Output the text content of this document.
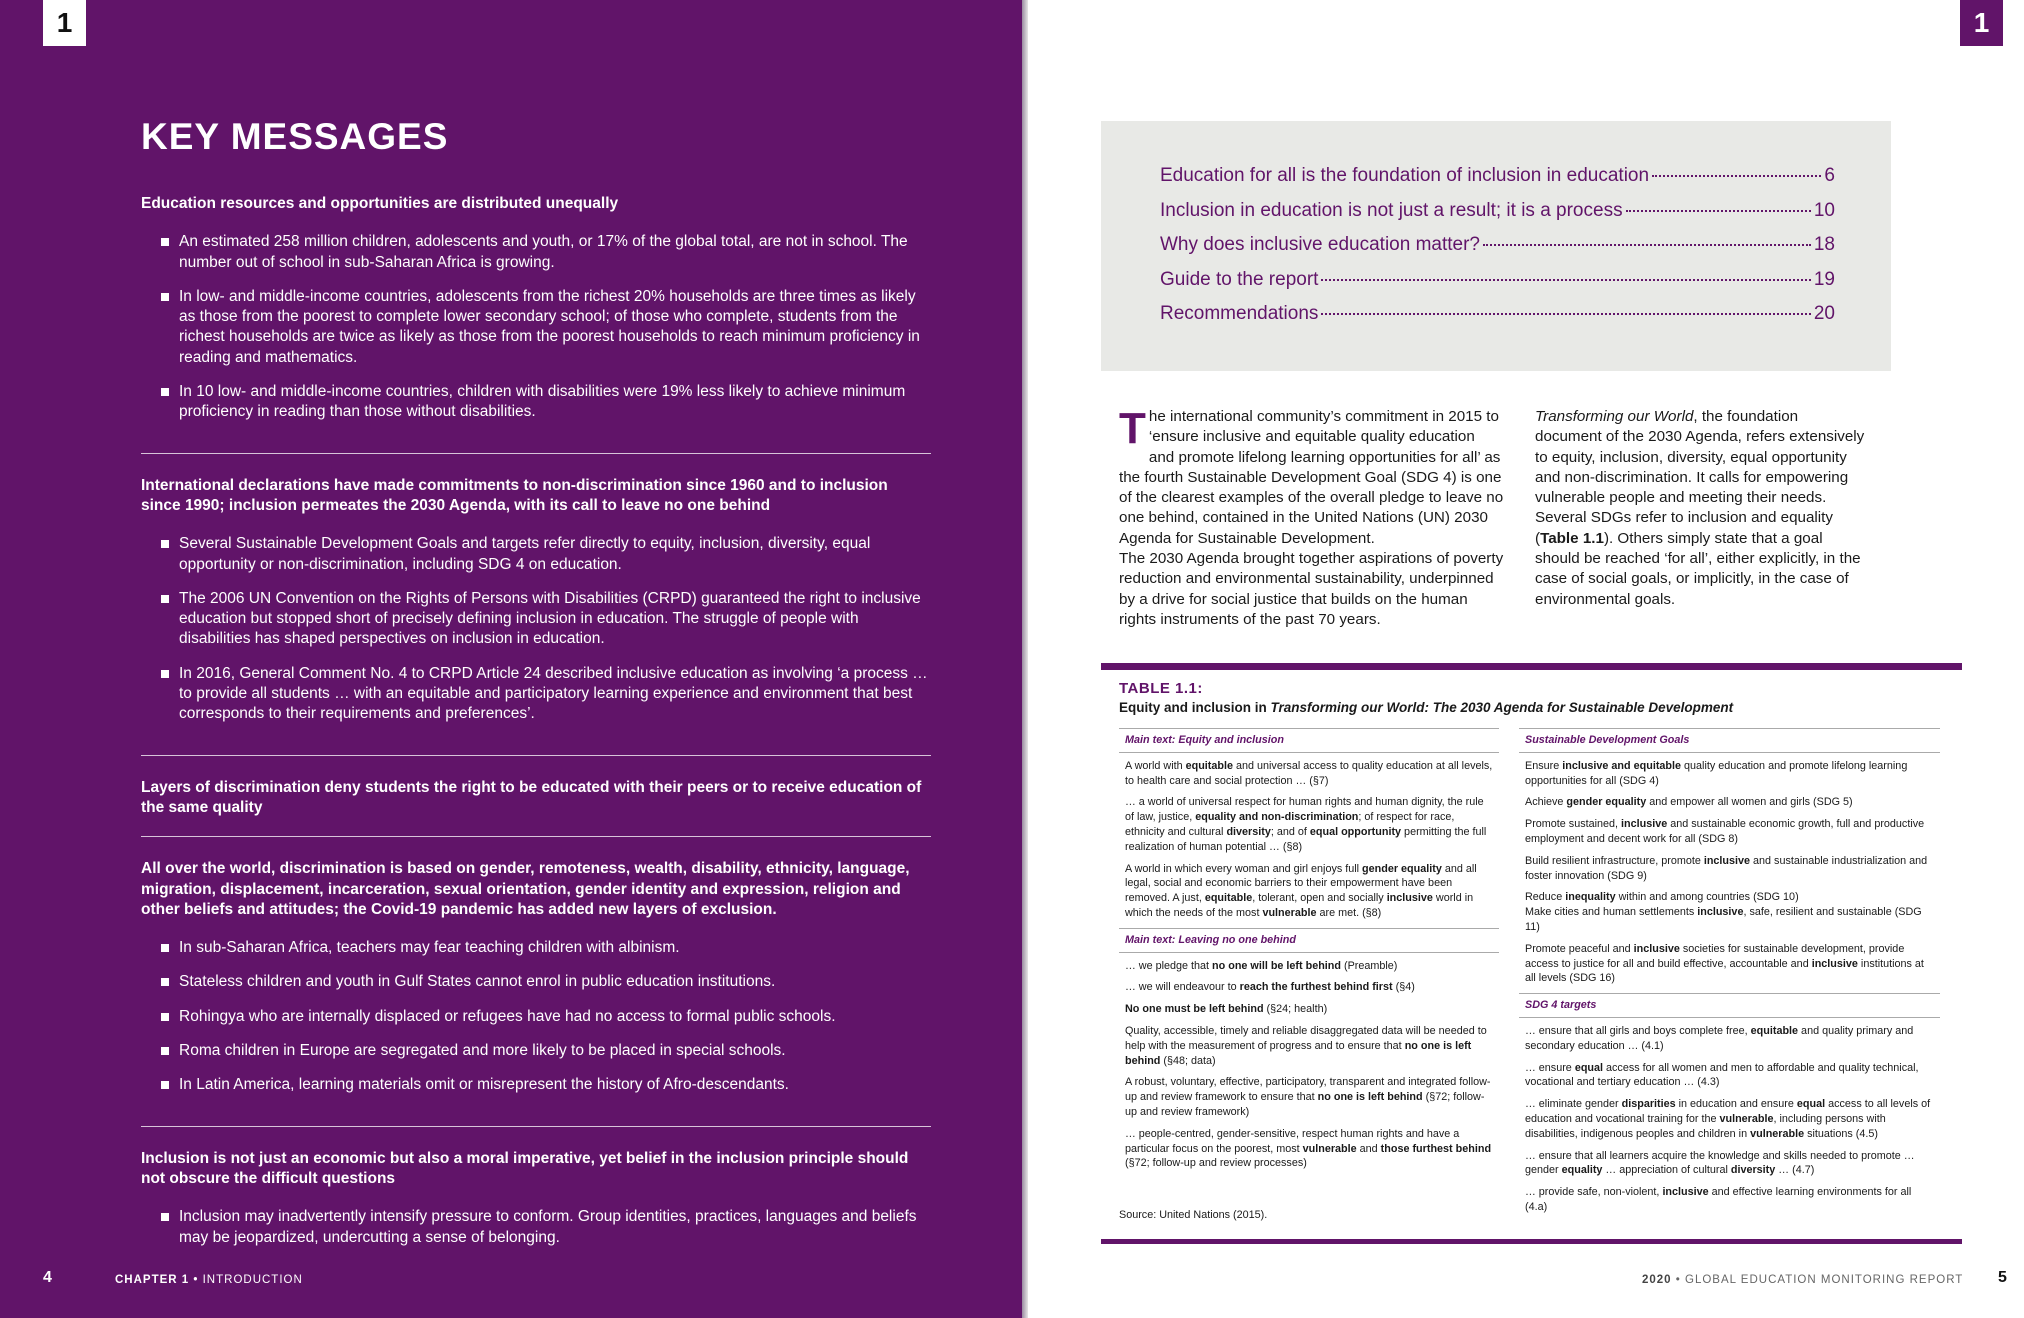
1
KEY MESSAGES
Education resources and opportunities are distributed unequally
An estimated 258 million children, adolescents and youth, or 17% of the global total, are not in school. The number out of school in sub-Saharan Africa is growing.
In low- and middle-income countries, adolescents from the richest 20% households are three times as likely as those from the poorest to complete lower secondary school; of those who complete, students from the richest households are twice as likely as those from the poorest households to reach minimum proficiency in reading and mathematics.
In 10 low- and middle-income countries, children with disabilities were 19% less likely to achieve minimum proficiency in reading than those without disabilities.
International declarations have made commitments to non-discrimination since 1960 and to inclusion since 1990; inclusion permeates the 2030 Agenda, with its call to leave no one behind
Several Sustainable Development Goals and targets refer directly to equity, inclusion, diversity, equal opportunity or non-discrimination, including SDG 4 on education.
The 2006 UN Convention on the Rights of Persons with Disabilities (CRPD) guaranteed the right to inclusive education but stopped short of precisely defining inclusion in education. The struggle of people with disabilities has shaped perspectives on inclusion in education.
In 2016, General Comment No. 4 to CRPD Article 24 described inclusive education as involving ‘a process … to provide all students … with an equitable and participatory learning experience and environment that best corresponds to their requirements and preferences’.
Layers of discrimination deny students the right to be educated with their peers or to receive education of the same quality
All over the world, discrimination is based on gender, remoteness, wealth, disability, ethnicity, language, migration, displacement, incarceration, sexual orientation, gender identity and expression, religion and other beliefs and attitudes; the Covid-19 pandemic has added new layers of exclusion.
In sub-Saharan Africa, teachers may fear teaching children with albinism.
Stateless children and youth in Gulf States cannot enrol in public education institutions.
Rohingya who are internally displaced or refugees have had no access to formal public schools.
Roma children in Europe are segregated and more likely to be placed in special schools.
In Latin America, learning materials omit or misrepresent the history of Afro-descendants.
Inclusion is not just an economic but also a moral imperative, yet belief in the inclusion principle should not obscure the difficult questions
Inclusion may inadvertently intensify pressure to conform. Group identities, practices, languages and beliefs may be jeopardized, undercutting a sense of belonging.
4	CHAPTER 1 • INTRODUCTION
1
Education for all is the foundation of inclusion in education	6
Inclusion in education is not just a result; it is a process	10
Why does inclusive education matter?	18
Guide to the report	19
Recommendations	20
The international community’s commitment in 2015 to ‘ensure inclusive and equitable quality education and promote lifelong learning opportunities for all’ as the fourth Sustainable Development Goal (SDG 4) is one of the clearest examples of the overall pledge to leave no one behind, contained in the United Nations (UN) 2030 Agenda for Sustainable Development.
The 2030 Agenda brought together aspirations of poverty reduction and environmental sustainability, underpinned by a drive for social justice that builds on the human rights instruments of the past 70 years.
Transforming our World, the foundation document of the 2030 Agenda, refers extensively to equity, inclusion, diversity, equal opportunity and non-discrimination. It calls for empowering vulnerable people and meeting their needs. Several SDGs refer to inclusion and equality (Table 1.1). Others simply state that a goal should be reached ‘for all’, either explicitly, in the case of social goals, or implicitly, in the case of environmental goals.
TABLE 1.1:
Equity and inclusion in Transforming our World: The 2030 Agenda for Sustainable Development
Main text: Equity and inclusion
A world with equitable and universal access to quality education at all levels, to health care and social protection … (§7)
… a world of universal respect for human rights and human dignity, the rule of law, justice, equality and non-discrimination; of respect for race, ethnicity and cultural diversity; and of equal opportunity permitting the full realization of human potential … (§8)
A world in which every woman and girl enjoys full gender equality and all legal, social and economic barriers to their empowerment have been removed. A just, equitable, tolerant, open and socially inclusive world in which the needs of the most vulnerable are met. (§8)
Main text: Leaving no one behind
… we pledge that no one will be left behind (Preamble)
… we will endeavour to reach the furthest behind first (§4)
No one must be left behind (§24; health)
Quality, accessible, timely and reliable disaggregated data will be needed to help with the measurement of progress and to ensure that no one is left behind (§48; data)
A robust, voluntary, effective, participatory, transparent and integrated follow-up and review framework to ensure that no one is left behind (§72; follow-up and review framework)
… people-centred, gender-sensitive, respect human rights and have a particular focus on the poorest, most vulnerable and those furthest behind (§72; follow-up and review processes)
Sustainable Development Goals
Ensure inclusive and equitable quality education and promote lifelong learning opportunities for all (SDG 4)
Achieve gender equality and empower all women and girls (SDG 5)
Promote sustained, inclusive and sustainable economic growth, full and productive employment and decent work for all (SDG 8)
Build resilient infrastructure, promote inclusive and sustainable industrialization and foster innovation (SDG 9)
Reduce inequality within and among countries (SDG 10)
Make cities and human settlements inclusive, safe, resilient and sustainable (SDG 11)
Promote peaceful and inclusive societies for sustainable development, provide access to justice for all and build effective, accountable and inclusive institutions at all levels (SDG 16)
SDG 4 targets
… ensure that all girls and boys complete free, equitable and quality primary and secondary education … (4.1)
… ensure equal access for all women and men to affordable and quality technical, vocational and tertiary education … (4.3)
… eliminate gender disparities in education and ensure equal access to all levels of education and vocational training for the vulnerable, including persons with disabilities, indigenous peoples and children in vulnerable situations (4.5)
… ensure that all learners acquire the knowledge and skills needed to promote … gender equality … appreciation of cultural diversity … (4.7)
… provide safe, non-violent, inclusive and effective learning environments for all (4.a)
Source: United Nations (2015).
2020 • GLOBAL EDUCATION MONITORING REPORT 5
